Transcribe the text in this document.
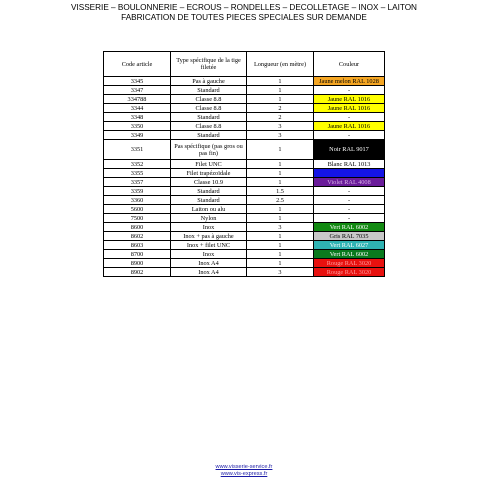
VISSERIE – BOULONNERIE – ECROUS – RONDELLES – DECOLLETAGE – INOX – LAITON
FABRICATION DE TOUTES PIECES SPECIALES SUR DEMANDE
Code article	Type spécifique de la tige filetée	Longueur (en mètre)	Couleur
3345	Pas à gauche	1	Jaune melon RAL 1028
3347	Standard	1	-
334788	Classe 8.8	1	Jaune RAL 1016
3344	Classe 8.8	2	Jaune RAL 1016
3348	Standard	2	-
3350	Classe 8.8	3	Jaune RAL 1016
3349	Standard	3	-
3351	Pas spécifique (pas gros ou pas fin)	1	Noir RAL 9017
3352	Filet UNC	1	Blanc RAL 1013
3355	Filet trapézoïdale	1	
3357	Classe 10.9	1	Violet RAL 4008
3359	Standard	1.5	-
3360	Standard	2.5	-
5600	Laiton ou alu	1	-
7500	Nylon	1	-
8600	Inox	3	Vert RAL 6002
8602	Inox + pas à gauche	1	Gris RAL 7035
8603	Inox + filet UNC	1	Vert RAL 6027
8700	Inox	1	Vert RAL 6002
8900	Inox A4	1	Rouge RAL 3020
8902	Inox A4	3	Rouge RAL 3020
www.visserie-service.fr
www.vis-express.fr
